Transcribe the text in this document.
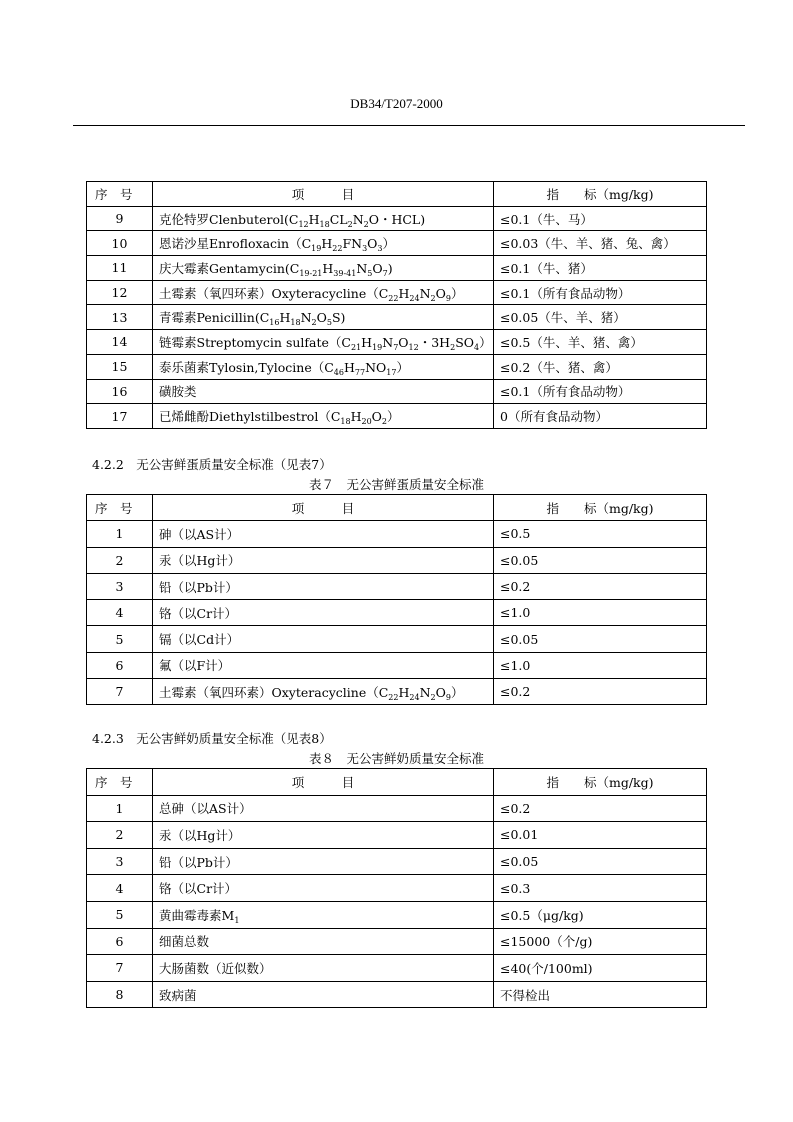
DB34/T207-2000
序　号	项　　　目	指　　标（mg/kg)
9	克伦特罗$Clenbuterol(C_{12}H_{18}CL_2N_2O$・HCL)	≤0.1（牛、马）
10	恩诺沙星$Enrofloxacin(C_{19}H_{22}FN_3O_3)$	≤0.03（牛、羊、猪、兔、禽）
11	庆大霉素$Gentamycin(C_{19-21}H_{39-41}N_5O_7)$	≤0.1（牛、猪）
12	土霉素（氧四环素）$Oxyteracycline(C_{22}H_{24}N_2O_9)$	≤0.1（所有食品动物）
13	青霉素$Penicillin(C_{16}H_{18}N_2O_5S)$	≤0.05（牛、羊、猪）
14	链霉素Streptomycin $sulfate(C_{21}H_{19}N_7O_{12}$・$3H_2SO_4$）	≤0.5（牛、羊、猪、禽）
15	泰乐菌素$Tylosin,Tylocine(C_{46}H_{77}NO_{17})$	≤0.2（牛、猪、禽）
16	磺胺类	≤0.1（所有食品动物）
17	已烯雌酚$Diethylstilbestrol(C_{18}H_{20}O_2)$	0（所有食品动物）
4.2.2　无公害鲜蛋质量安全标准（见表7）
表７　无公害鲜蛋质量安全标准
序　号	项　　　目	指　　标（mg/kg)
1	砷（以AS计）	≤0.5
2	汞（以Hg计）	≤0.05
3	铅（以Pb计）	≤0.2
4	铬（以Cr计）	≤1.0
5	镉（以Cd计）	≤0.05
6	氟（以F计）	≤1.0
7	土霉素（氧四环素）$Oxyteracycline(C_{22}H_{24}N_2O_9)$	≤0.2
4.2.3　无公害鲜奶质量安全标准（见表8）
表８　无公害鲜奶质量安全标准
序　号	项　　　目	指　　标（mg/kg)
1	总砷（以AS计）	≤0.2
2	汞（以Hg计）	≤0.01
3	铅（以Pb计）	≤0.05
4	铬（以Cr计）	≤0.3
5	黄曲霉毒素$M_1$	≤0.5（μg/kg)
6	细菌总数	≤15000（个/g)
7	大肠菌数（近似数）	≤40(个/100ml)
8	致病菌	不得检出
